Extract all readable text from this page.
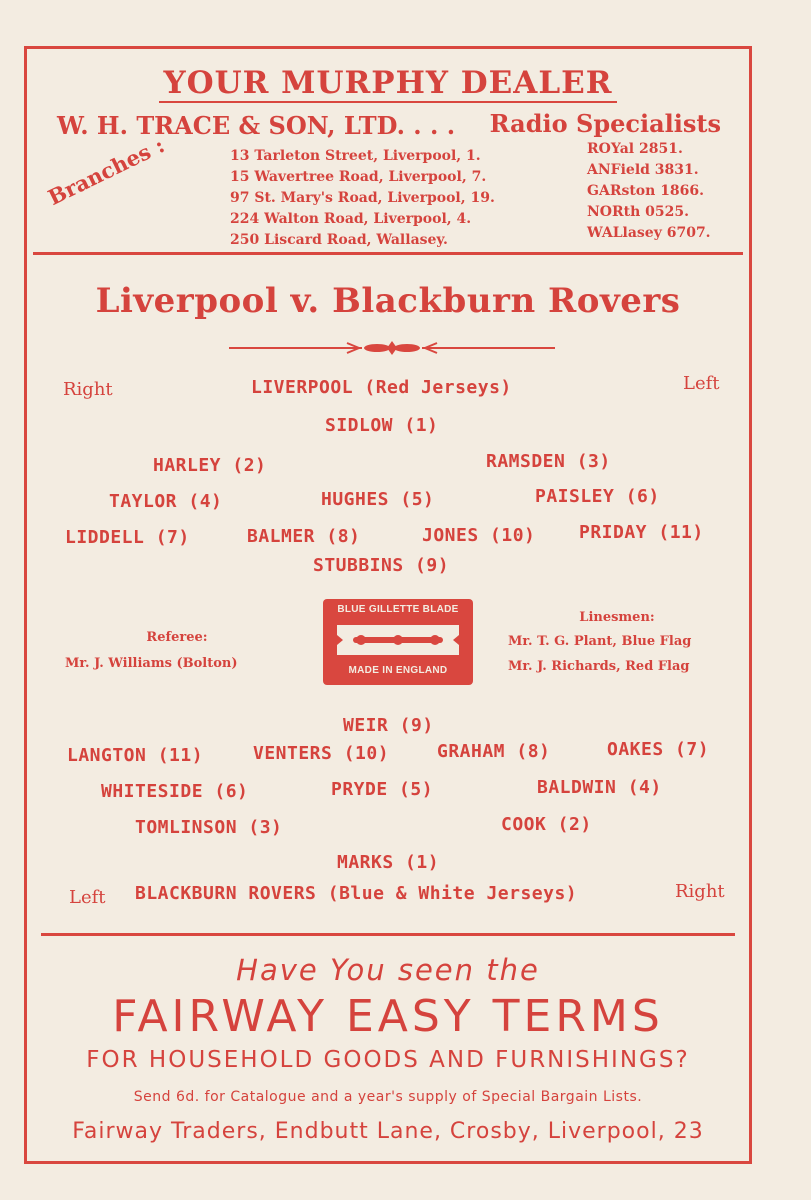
YOUR MURPHY DEALER
W. H. TRACE & SON, LTD. . . . Radio Specialists
Branches :	13 Tarleton Street, Liverpool, 1.
15 Wavertree Road, Liverpool, 7.
97 St. Mary's Road, Liverpool, 19.
224 Walton Road, Liverpool, 4.
250 Liscard Road, Wallasey.
ROYal 2851.
ANField 3831.
GARston 1866.
NORth 0525.
WALlasey 6707.
Liverpool v. Blackburn Rovers
Right	Left
LIVERPOOL (Red Jerseys)
SIDLOW (1)
HARLEY (2)	RAMSDEN (3)
TAYLOR (4)	HUGHES (5)	PAISLEY (6)
LIDDELL (7)	BALMER (8)	JONES (10) PRIDAY (11)
STUBBINS (9)
Referee:
Mr. J. Williams (Bolton)
BLUE GILLETTE BLADE
MADE IN ENGLAND
Linesmen:
Mr. T. G. Plant, Blue Flag
Mr. J. Richards, Red Flag
WEIR (9)
LANGTON (11)	VENTERS (10)	GRAHAM (8)	OAKES (7)
WHITESIDE (6)	PRYDE (5)	BALDWIN (4)
TOMLINSON (3)	COOK (2)
MARKS (1)
Left BLACKBURN ROVERS (Blue & White Jerseys)	Right
Have You seen the
FAIRWAY EASY TERMS
FOR HOUSEHOLD GOODS AND FURNISHINGS?
Send 6d. for Catalogue and a year's supply of Special Bargain Lists.
Fairway Traders, Endbutt Lane, Crosby, Liverpool, 23
